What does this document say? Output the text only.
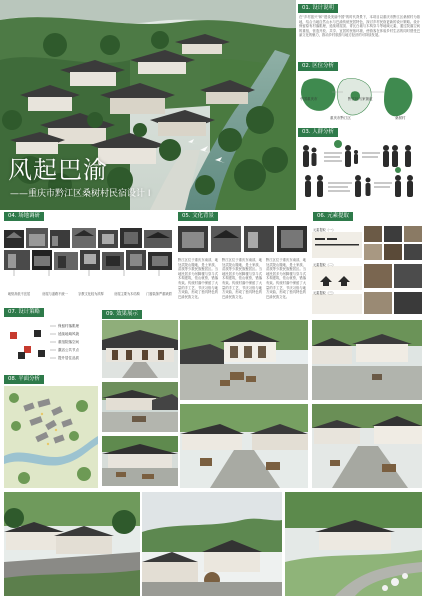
风起巴渝
——重庆市黔江区桑树村民宿设计 I
01. 设计说明
在"乡村振兴"和"建设美丽中国"的时代背景下，本项目以重庆市黔江区桑树村为基地，结合当地自然山水与巴渝传统民居特色，探讨乡村民宿更新的设计策略。设计保留原有村落肌理，延续坡屋顶、青瓦白墙与木构穿斗等地域元素，通过院落空间的重组，营造开放、共享、宜居的民宿环境，使游客在体验乡村生活的同时感受巴渝文化的魅力，推动乡村旅游与地方经济的可持续发展。
02. 区位分析
中国重庆市
重庆市黔江区
黔江区马家街道
桑树村
03. 人群分析
04. 场地调研
地势高低不宜居	房屋与道路不统一	宗教文化较为浓厚	房屋主要为木结构	门窗装饰严重缺损
05. 文化背景
黔江区位于重庆东南部，地处武陵山腹地，是土家族、苗族等少数民族聚居区。当地民居多为吊脚楼与穿斗式木构建筑，依山就势，错落有致。传统村落中保留了大量的手工艺、节庆习俗与地方戏曲，形成了独具特色的巴渝民族文化。
黔江区位于重庆东南部，地处武陵山腹地，是土家族、苗族等少数民族聚居区。当地民居多为吊脚楼与穿斗式木构建筑，依山就势，错落有致。传统村落中保留了大量的手工艺、节庆习俗与地方戏曲，形成了独具特色的巴渝民族文化。
黔江区位于重庆东南部，地处武陵山腹地，是土家族、苗族等少数民族聚居区。当地民居多为吊脚楼与穿斗式木构建筑，依山就势，错落有致。传统村落中保留了大量的手工艺、节庆习俗与地方戏曲，形成了独具特色的巴渝民族文化。
06. 元素提取
元素提取（一）
元素提取（二）
元素提取（三）
07. 设计策略
保留村落肌理
延续地域风貌
重组院落空间
激活公共节点
提升居住品质
08. 平面分析
09. 效果展示
